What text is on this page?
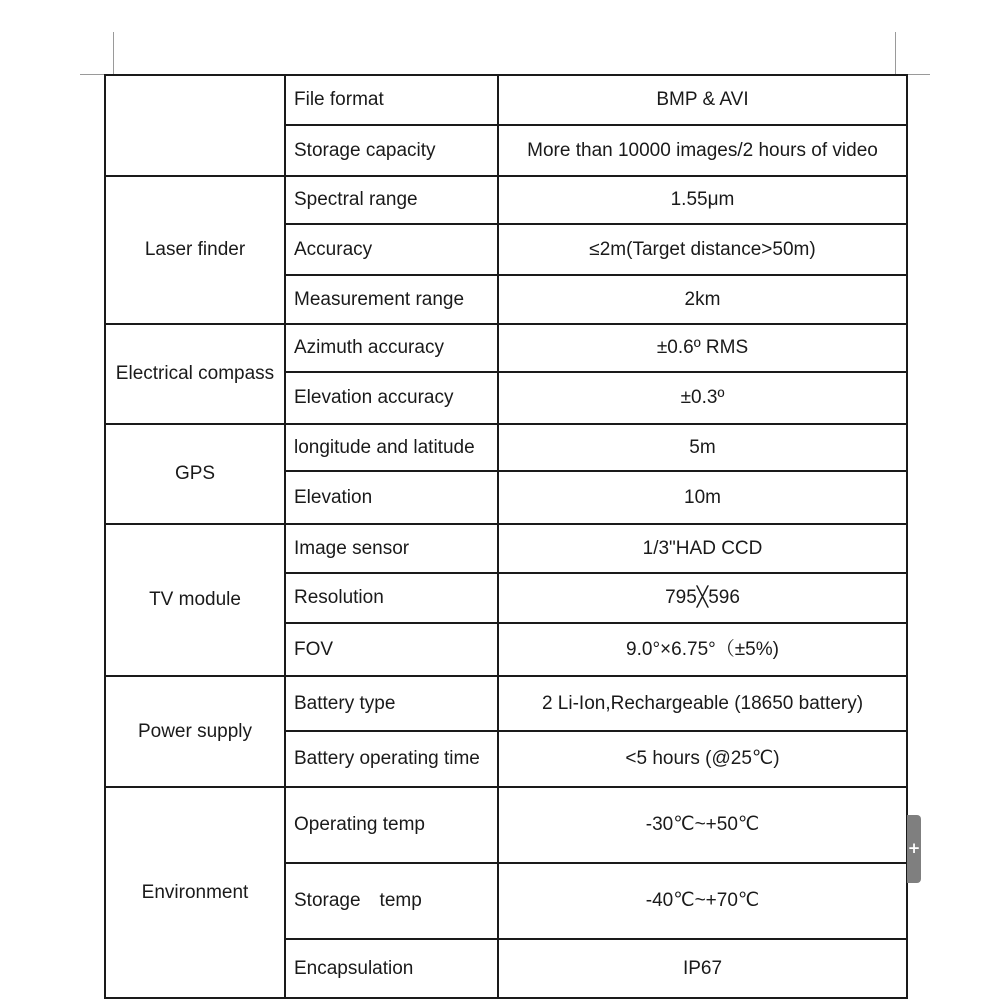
	File format	BMP & AVI
	Storage capacity	More than 10000 images/2 hours of video
Laser finder	Spectral range	1.55μm
	Accuracy	≤2m(Target distance>50m)
	Measurement range	2km
Electrical compass	Azimuth accuracy	±0.6º RMS
	Elevation accuracy	±0.3º
GPS	longitude and latitude	5m
	Elevation	10m
TV module	Image sensor	1/3"HAD CCD
	Resolution	795╳596
	FOV	9.0°×6.75°（±5%)
Power supply	Battery type	2 Li-Ion,Rechargeable (18650 battery)
	Battery operating time	<5 hours (@25℃)
Environment	Operating temp	-30℃~+50℃
	Storage　temp	-40℃~+70℃
	Encapsulation	IP67
+
